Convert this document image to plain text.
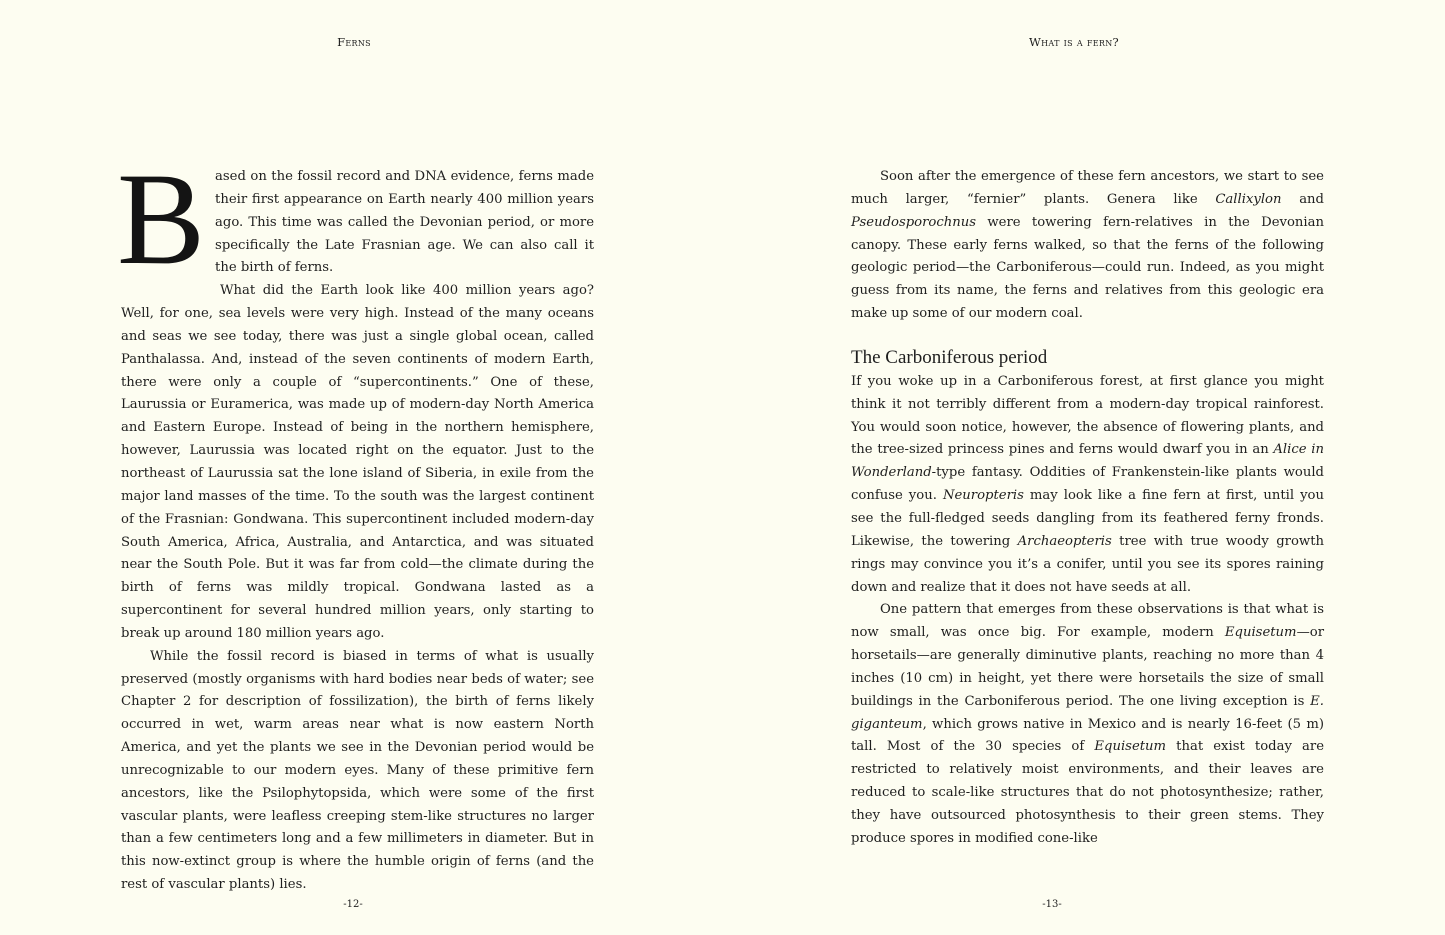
Ferns

Based on the fossil record and DNA evidence, ferns made their first appearance on Earth nearly 400 million years ago. This time was called the Devonian period, or more specifically the Late Frasnian age. We can also call it the birth of ferns.

What did the Earth look like 400 million years ago? Well, for one, sea levels were very high. Instead of the many oceans and seas we see today, there was just a single global ocean, called Panthalassa. And, instead of the seven continents of modern Earth, there were only a couple of “supercontinents.” One of these, Laurussia or Euramerica, was made up of modern-day North America and Eastern Europe. Instead of being in the northern hemisphere, however, Laurussia was located right on the equator. Just to the northeast of Laurussia sat the lone island of Siberia, in exile from the major land masses of the time. To the south was the largest continent of the Frasnian: Gondwana. This supercontinent included modern-day South America, Africa, Australia, and Antarctica, and was situated near the South Pole. But it was far from cold—the climate during the birth of ferns was mildly tropical. Gondwana lasted as a supercontinent for several hundred million years, only starting to break up around 180 million years ago.

While the fossil record is biased in terms of what is usually preserved (mostly organisms with hard bodies near beds of water; see Chapter 2 for description of fossilization), the birth of ferns likely occurred in wet, warm areas near what is now eastern North America, and yet the plants we see in the Devonian period would be unrecognizable to our modern eyes. Many of these primitive fern ancestors, like the Psilophytopsida, which were some of the first vascular plants, were leafless creeping stem-like structures no larger than a few centimeters long and a few millimeters in diameter. But in this now-extinct group is where the humble origin of ferns (and the rest of vascular plants) lies.

-12-
What is a fern?

Soon after the emergence of these fern ancestors, we start to see much larger, “fernier” plants. Genera like Callixylon and Pseudosporochnus were towering fern-relatives in the Devonian canopy. These early ferns walked, so that the ferns of the following geologic period—the Carboniferous—could run. Indeed, as you might guess from its name, the ferns and relatives from this geologic era make up some of our modern coal.

The Carboniferous period

If you woke up in a Carboniferous forest, at first glance you might think it not terribly different from a modern-day tropical rainforest. You would soon notice, however, the absence of flowering plants, and the tree-sized princess pines and ferns would dwarf you in an Alice in Wonderland-type fantasy. Oddities of Frankenstein-like plants would confuse you. Neuropteris may look like a fine fern at first, until you see the full-fledged seeds dangling from its feathered ferny fronds. Likewise, the towering Archaeopteris tree with true woody growth rings may convince you it’s a conifer, until you see its spores raining down and realize that it does not have seeds at all.

One pattern that emerges from these observations is that what is now small, was once big. For example, modern Equisetum—or horsetails—are generally diminutive plants, reaching no more than 4 inches (10 cm) in height, yet there were horsetails the size of small buildings in the Carboniferous period. The one living exception is E. giganteum, which grows native in Mexico and is nearly 16-feet (5 m) tall. Most of the 30 species of Equisetum that exist today are restricted to relatively moist environments, and their leaves are reduced to scale-like structures that do not photosynthesize; rather, they have outsourced photosynthesis to their green stems. They produce spores in modified cone-like

-13-
